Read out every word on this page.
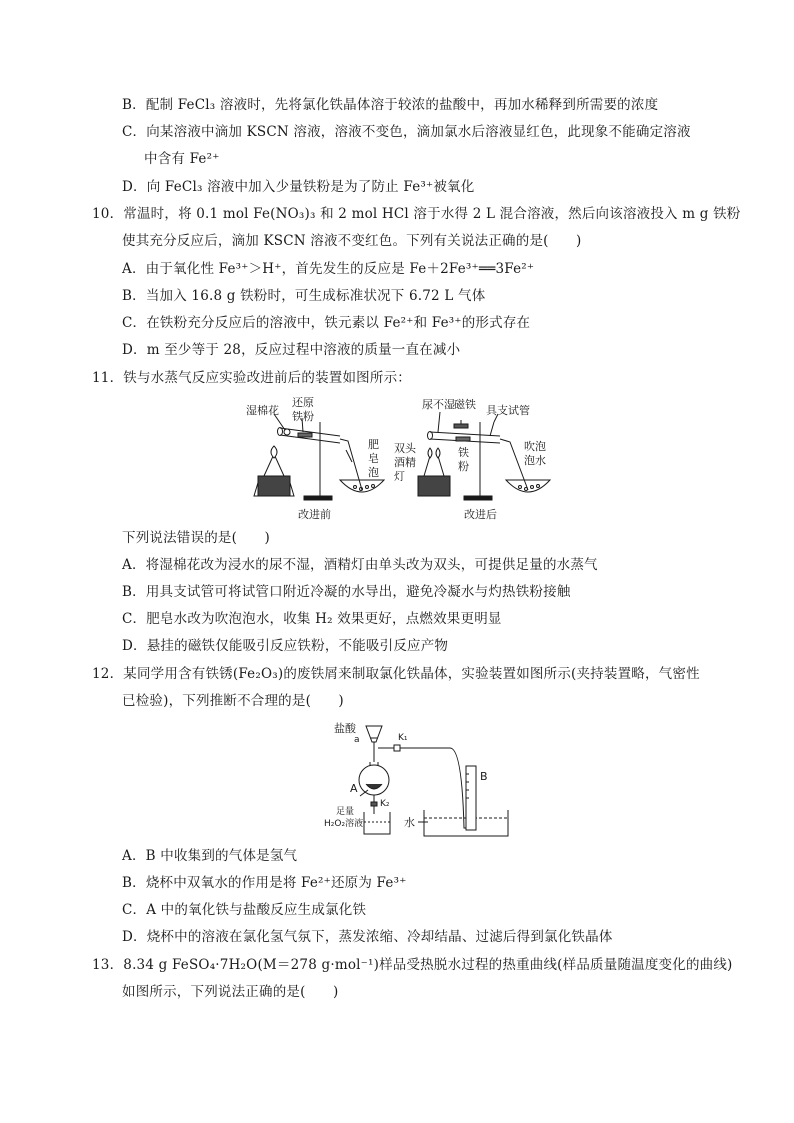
B．配制 FeCl₃ 溶液时，先将氯化铁晶体溶于较浓的盐酸中，再加水稀释到所需要的浓度
C．向某溶液中滴加 KSCN 溶液，溶液不变色，滴加氯水后溶液显红色，此现象不能确定溶液
中含有 Fe²⁺
D．向 FeCl₃ 溶液中加入少量铁粉是为了防止 Fe³⁺被氧化
10．常温时，将 0.1 mol Fe(NO₃)₃ 和 2 mol HCl 溶于水得 2 L 混合溶液，然后向该溶液投入 m g 铁粉
使其充分反应后，滴加 KSCN 溶液不变红色。下列有关说法正确的是(　　)
A．由于氧化性 Fe³⁺＞H⁺，首先发生的反应是 Fe＋2Fe³⁺══3Fe²⁺
B．当加入 16.8 g 铁粉时，可生成标准状况下 6.72 L 气体
C．在铁粉充分反应后的溶液中，铁元素以 Fe²⁺和 Fe³⁺的形式存在
D．m 至少等于 28，反应过程中溶液的质量一直在减小
11．铁与水蒸气反应实验改进前后的装置如图所示：
湿棉花
还原
铁粉
肥
皂
泡
改进前
尿不湿 磁铁 具支试管
双头
酒精
灯
铁
粉
吹泡
泡水
改进后
下列说法错误的是(　　)
A．将湿棉花改为浸水的尿不湿，酒精灯由单头改为双头，可提供足量的水蒸气
B．用具支试管可将试管口附近冷凝的水导出，避免冷凝水与灼热铁粉接触
C．肥皂水改为吹泡泡水，收集 H₂ 效果更好，点燃效果更明显
D．悬挂的磁铁仅能吸引反应铁粉，不能吸引反应产物
12．某同学用含有铁锈(Fe₂O₃)的废铁屑来制取氯化铁晶体，实验装置如图所示(夹持装置略，气密性
已检验)，下列推断不合理的是(　　)
盐酸
a	K₁
A
B
足量
H₂O₂溶液
K₂
水
A．B 中收集到的气体是氢气
B．烧杯中双氧水的作用是将 Fe²⁺还原为 Fe³⁺
C．A 中的氧化铁与盐酸反应生成氯化铁
D．烧杯中的溶液在氯化氢气氛下，蒸发浓缩、冷却结晶、过滤后得到氯化铁晶体
13．8.34 g FeSO₄·7H₂O(M＝278 g·mol⁻¹)样品受热脱水过程的热重曲线(样品质量随温度变化的曲线)
如图所示，下列说法正确的是(　　)
